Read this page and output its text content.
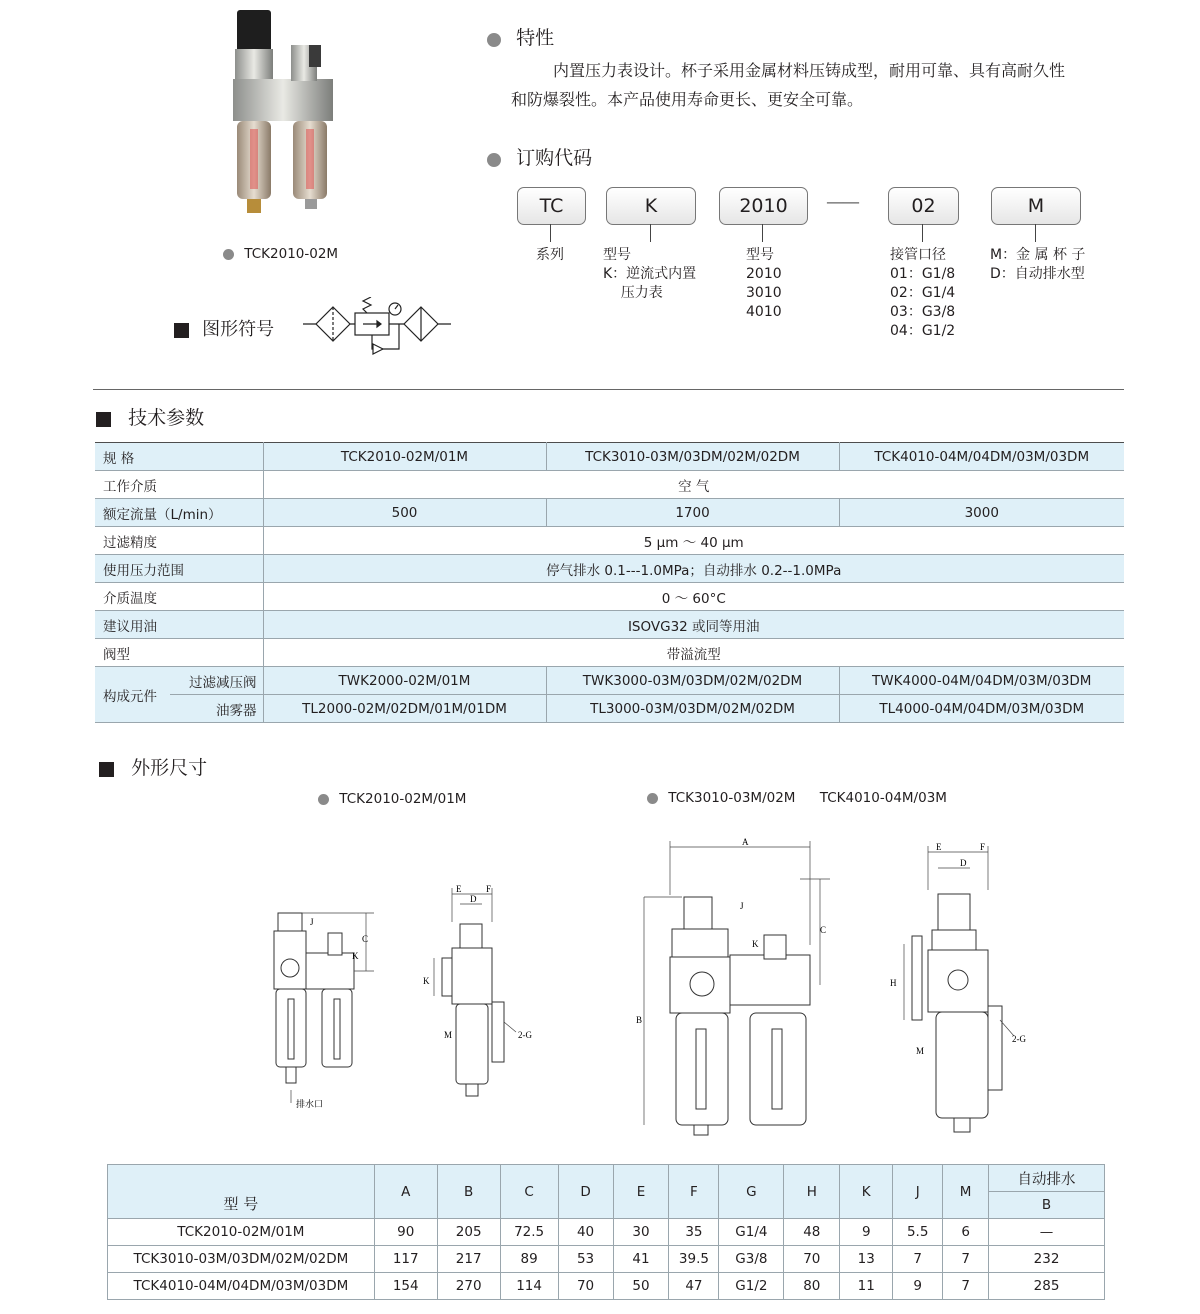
TCK2010-02M
图形符号
特性
内置压力表设计。杯子采用金属材料压铸成型，耐用可靠、具有高耐久性
和防爆裂性。本产品使用寿命更长、更安全可靠。
订购代码
TC	K	2010	——	02	M
系列	型号
K：逆流式内置
压力表
型号
2010
3010
4010
接管口径
01：G1/8
02：G1/4
03：G3/8
04：G1/2
M：金 属 杯 子
D：自动排水型
技术参数
规 格		TCK2010-02M/01M	TCK3010-03M/03DM/02M/02DM	TCK4010-04M/04DM/03M/03DM
工作介质		空 气		
额定流量（L/min）		500	1700	3000
过滤精度		5 μm ～ 40 μm		
使用压力范围		停气排水 0.1---1.0MPa；自动排水 0.2--1.0MPa		
介质温度		0 ～ 60°C		
建议用油		ISOVG32 或同等用油		
阀型		带溢流型		
构成元件	过滤减压阀	TWK2000-02M/01M	TWK3000-03M/03DM/02M/02DM	TWK4000-04M/04DM/03M/03DM
	油雾器	TL2000-02M/02DM/01M/01DM	TL3000-03M/03DM/02M/02DM	TL4000-04M/04DM/03M/03DM
外形尺寸
TCK2010-02M/01M	TCK3010-03M/02M TCK4010-04M/03M
C
J
K
排水口
E	F
D
K
M	2-G
A
B
C
J
K
E	F
D
H
M
2-G
型 号	A	B	C	D	E	F	G	H	K	J	M	自动排水
												B
TCK2010-02M/01M	90	205	72.5	40	30	35	G1/4	48	9	5.5	6	—
TCK3010-03M/03DM/02M/02DM	117	217	89	53	41	39.5	G3/8	70	13	7	7	232
TCK4010-04M/04DM/03M/03DM	154	270	114	70	50	47	G1/2	80	11	9	7	285
